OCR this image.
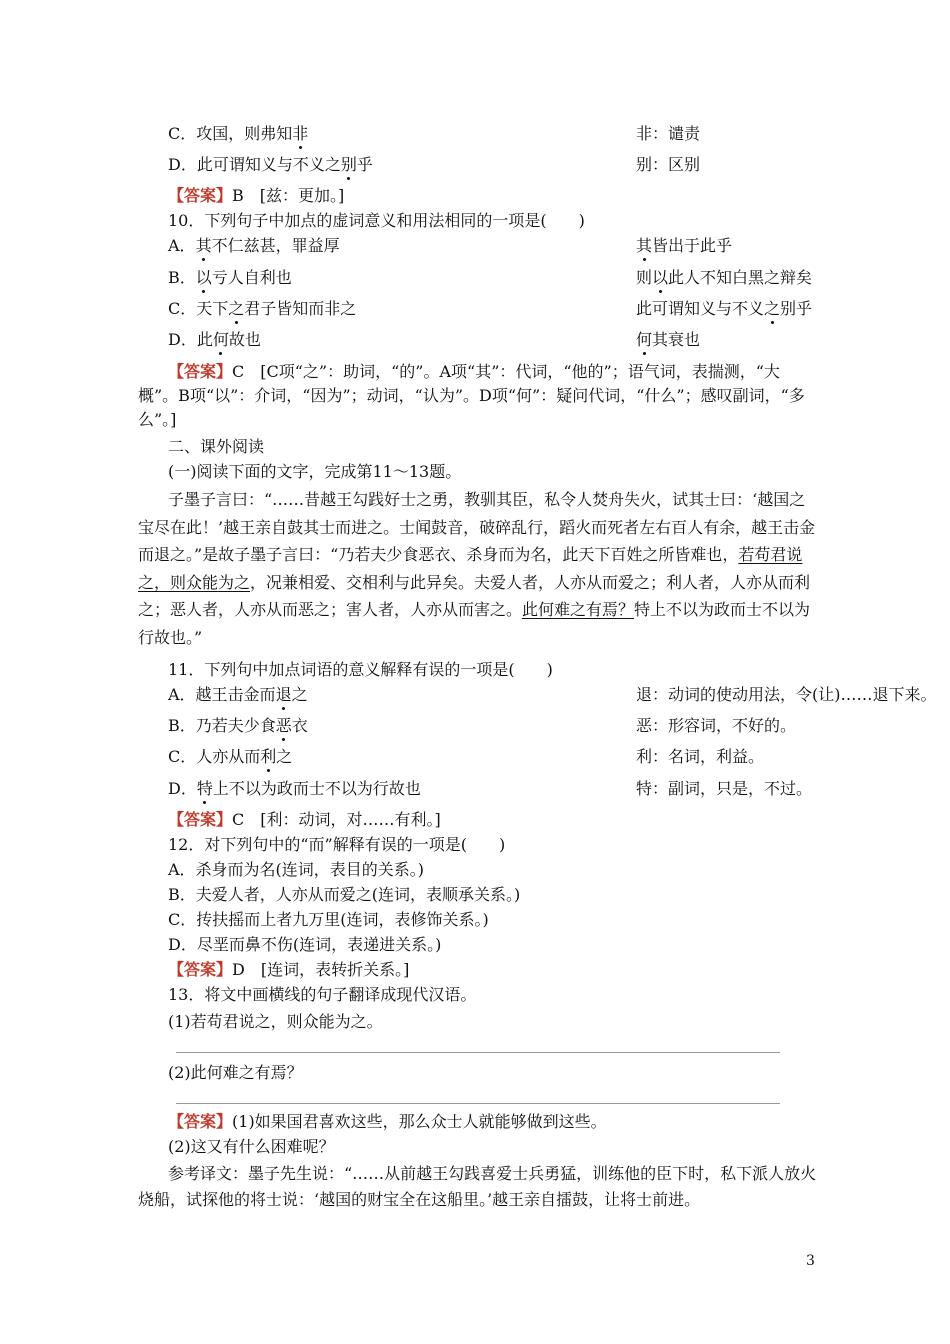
C．攻国，则弗知非	非：谴责
D．此可谓知义与不义之别乎	别：区别
【答案】B　[兹：更加。]
10．下列句子中加点的虚词意义和用法相同的一项是(　　)
A．其不仁兹甚，罪益厚	其皆出于此乎
B．以亏人自利也	则以此人不知白黑之辩矣
C．天下之君子皆知而非之	此可谓知义与不义之别乎
D．此何故也	何其衰也
【答案】C　[C项“之”：助词，“的”。A项“其”：代词，“他的”；语气词，表揣测，“大概”。B项“以”：介词，“因为”；动词，“认为”。D项“何”：疑问代词，“什么”；感叹副词，“多么”。]
二、课外阅读
(一)阅读下面的文字，完成第11～13题。
子墨子言曰：“……昔越王勾践好士之勇，教驯其臣，私令人焚舟失火，试其士曰：‘越国之宝尽在此！’越王亲自鼓其士而进之。士闻鼓音，破碎乱行，蹈火而死者左右百人有余，越王击金而退之。”是故子墨子言曰：“乃若夫少食恶衣、杀身而为名，此天下百姓之所皆难也，若苟君说之，则众能为之，况兼相爱、交相利与此异矣。夫爱人者，人亦从而爱之；利人者，人亦从而利之；恶人者，人亦从而恶之；害人者，人亦从而害之。此何难之有焉？特上不以为政而士不以为行故也。”
11．下列句中加点词语的意义解释有误的一项是(　　)
A．越王击金而退之	退：动词的使动用法，令(让)……退下来。
B．乃若夫少食恶衣	恶：形容词，不好的。
C．人亦从而利之	利：名词，利益。
D．特上不以为政而士不以为行故也	特：副词，只是，不过。
【答案】C　[利：动词，对……有利。]
12．对下列句中的“而”解释有误的一项是(　　)
A．杀身而为名(连词，表目的关系。)
B．夫爱人者，人亦从而爱之(连词，表顺承关系。)
C．抟扶摇而上者九万里(连词，表修饰关系。)
D．尽垩而鼻不伤(连词，表递进关系。)
【答案】D　[连词，表转折关系。]
13．将文中画横线的句子翻译成现代汉语。
(1)若苟君说之，则众能为之。
(2)此何难之有焉？
【答案】(1)如果国君喜欢这些，那么众士人就能够做到这些。
(2)这又有什么困难呢？
参考译文：墨子先生说：“……从前越王勾践喜爱士兵勇猛，训练他的臣下时，私下派人放火烧船，试探他的将士说：‘越国的财宝全在这船里。’越王亲自擂鼓，让将士前进。
3
